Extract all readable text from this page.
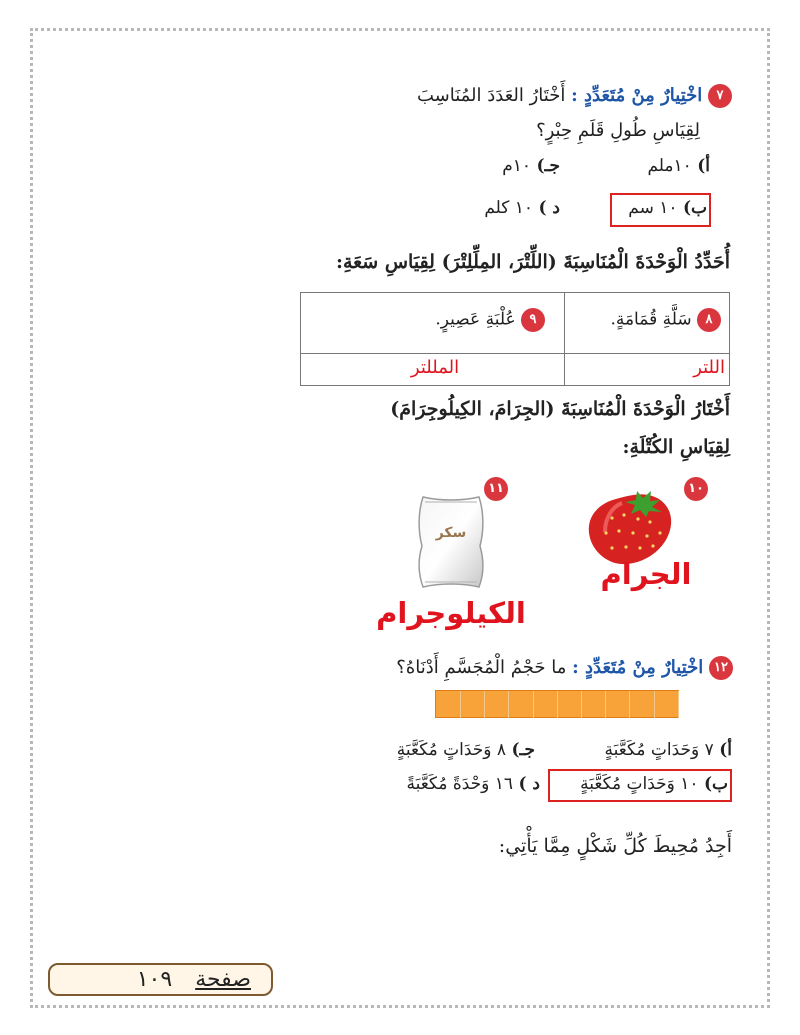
٧ اخْتِيارٌ مِنْ مُتَعَدِّدٍ : أَخْتَارُ العَدَدَ المُنَاسِبَ
لِقِيَاسِ طُولِ قَلَمِ حِبْرٍ؟
أ) ١٠ملم
جـ) ١٠م
ب) ١٠ سم
د ) ١٠ كلم
أُحَدِّدُ الْوَحْدَةَ الْمُنَاسِبَةَ (اللِّتْرَ، المِلِّلِتْرَ) لِقِيَاسِ سَعَةِ:
٨ سَلَّةِ قُمَامَةٍ.
٩ عُلْبَةِ عَصِيرٍ.
اللتر
المللتر
أَخْتَارُ الْوَحْدَةَ الْمُنَاسِبَةَ (الجِرَامَ، الكِيلُوجِرَامَ)
لِقِيَاسِ الكُتْلَةِ:
١٠
الجرام
١١
سكر
الكيلوجرام
١٢ اخْتِيارٌ مِنْ مُتَعَدِّدٍ : ما حَجْمُ الْمُجَسَّمِ أَدْنَاهُ؟
أ) ٧ وَحَدَاتٍ مُكَعَّبَةٍ
جـ) ٨ وَحَدَاتٍ مُكَعَّبَةٍ
ب) ١٠ وَحَدَاتٍ مُكَعَّبَةٍ
د ) ١٦ وَحْدَةً مُكَعَّبَةً
أَجِدُ مُحِيطَ كُلِّ شَكْلٍ مِمَّا يَأْتِي:
صفحة ١٠٩
